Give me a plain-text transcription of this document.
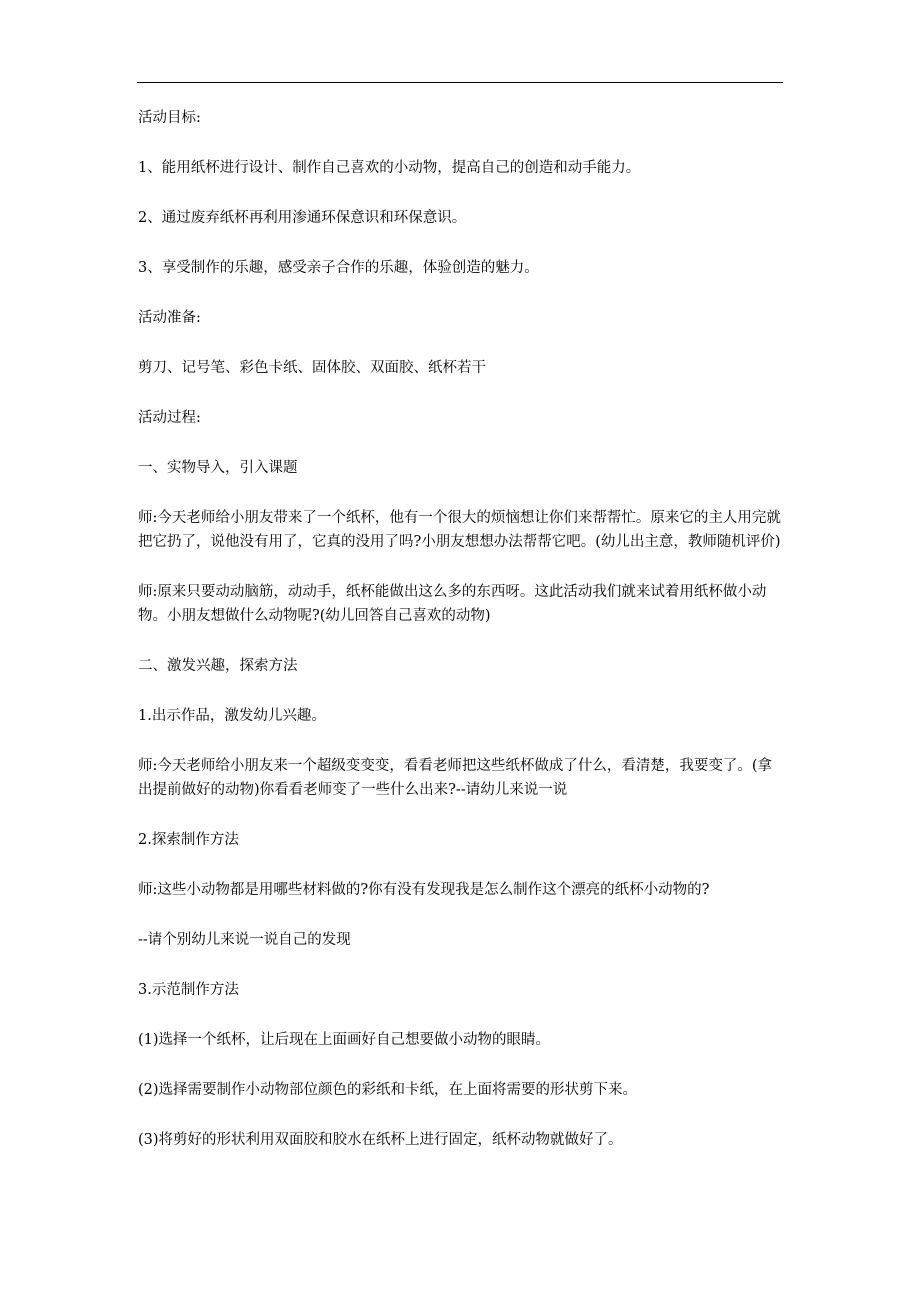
活动目标:

1、能用纸杯进行设计、制作自己喜欢的小动物，提高自己的创造和动手能力。

2、通过废弃纸杯再利用渗通环保意识和环保意识。

3、享受制作的乐趣，感受亲子合作的乐趣，体验创造的魅力。

活动准备:

剪刀、记号笔、彩色卡纸、固体胶、双面胶、纸杯若干

活动过程:

一、实物导入，引入课题

师:今天老师给小朋友带来了一个纸杯，他有一个很大的烦恼想让你们来帮帮忙。原来它的主人用完就把它扔了，说他没有用了，它真的没用了吗?小朋友想想办法帮帮它吧。(幼儿出主意，教师随机评价)

师:原来只要动动脑筋，动动手，纸杯能做出这么多的东西呀。这此活动我们就来试着用纸杯做小动物。小朋友想做什么动物呢?(幼儿回答自己喜欢的动物)

二、激发兴趣，探索方法

1.出示作品，激发幼儿兴趣。

师:今天老师给小朋友来一个超级变变变，看看老师把这些纸杯做成了什么，看清楚，我要变了。(拿出提前做好的动物)你看看老师变了一些什么出来?--请幼儿来说一说

2.探索制作方法

师:这些小动物都是用哪些材料做的?你有没有发现我是怎么制作这个漂亮的纸杯小动物的?

--请个别幼儿来说一说自己的发现

3.示范制作方法

(1)选择一个纸杯，让后现在上面画好自己想要做小动物的眼睛。

(2)选择需要制作小动物部位颜色的彩纸和卡纸，在上面将需要的形状剪下来。

(3)将剪好的形状利用双面胶和胶水在纸杯上进行固定，纸杯动物就做好了。
